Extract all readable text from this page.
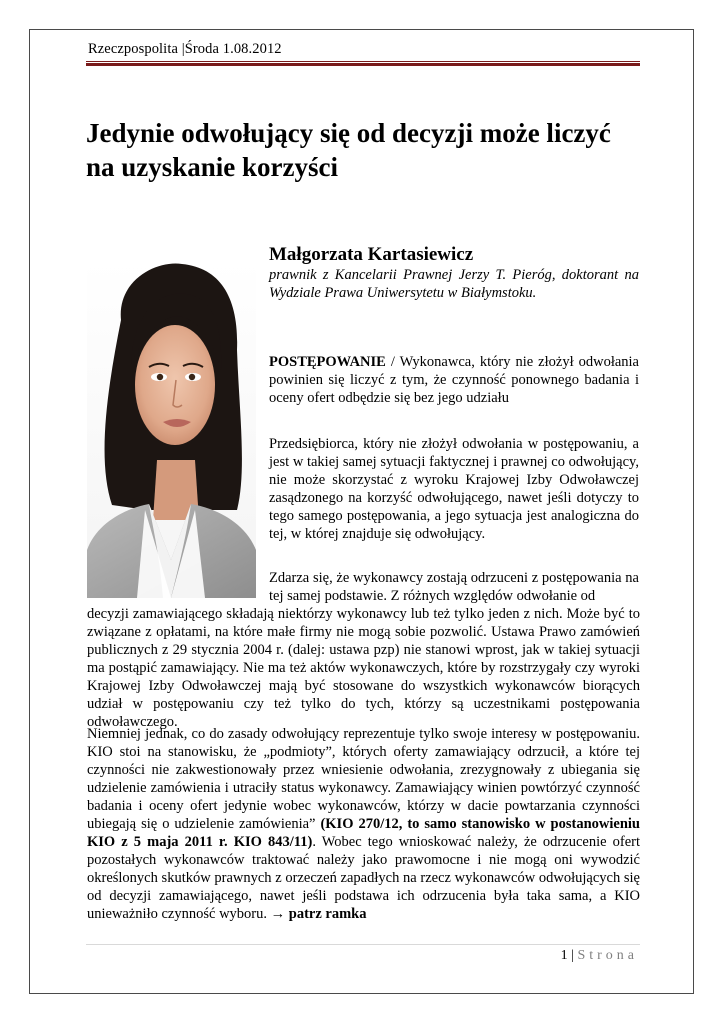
Rzeczpospolita |Środa 1.08.2012
Jedynie odwołujący się od decyzji może liczyć na uzyskanie korzyści
Małgorzata Kartasiewicz

prawnik z Kancelarii Prawnej Jerzy T. Pieróg, doktorant na Wydziale Prawa Uniwersytetu w Białymstoku.

POSTĘPOWANIE / Wykonawca, który nie złożył odwołania powinien się liczyć z tym, że czynność ponownego badania i oceny ofert odbędzie się bez jego udziału

Przedsiębiorca, który nie złożył odwołania w postępowaniu, a jest w takiej samej sytuacji faktycznej i prawnej co odwołujący, nie może skorzystać z wyroku Krajowej Izby Odwoławczej zasądzonego na korzyść odwołującego, nawet jeśli dotyczy to tego samego postępowania, a jego sytuacja jest analogiczna do tej, w której znajduje się odwołujący.

Zdarza się, że wykonawcy zostają odrzuceni z postępowania na tej samej podstawie. Z różnych względów odwołanie od

decyzji zamawiającego składają niektórzy wykonawcy lub też tylko jeden z nich. Może być to związane z opłatami, na które małe firmy nie mogą sobie pozwolić. Ustawa Prawo zamówień publicznych z 29 stycznia 2004 r. (dalej: ustawa pzp) nie stanowi wprost, jak w takiej sytuacji ma postąpić zamawiający. Nie ma też aktów wykonawczych, które by rozstrzygały czy wyroki Krajowej Izby Odwoławczej mają być stosowane do wszystkich wykonawców biorących udział w postępowaniu czy też tylko do tych, którzy są uczestnikami postępowania odwoławczego.

Niemniej jednak, co do zasady odwołujący reprezentuje tylko swoje interesy w postępowaniu. KIO stoi na stanowisku, że „podmioty”, których oferty zamawiający odrzucił, a które tej czynności nie zakwestionowały przez wniesienie odwołania, zrezygnowały z ubiegania się udzielenie zamówienia i utraciły status wykonawcy. Zamawiający winien powtórzyć czynność badania i oceny ofert jedynie wobec wykonawców, którzy w dacie powtarzania czynności ubiegają się o udzielenie zamówienia” (KIO 270/12, to samo stanowisko w postanowieniu KIO z 5 maja 2011 r. KIO 843/11). Wobec tego wnioskować należy, że odrzucenie ofert pozostałych wykonawców traktować należy jako prawomocne i nie mogą oni wywodzić określonych skutków prawnych z orzeczeń zapadłych na rzecz wykonawców odwołujących się od decyzji zamawiającego, nawet jeśli podstawa ich odrzucenia była taka sama, a KIO unieważniło czynność wyboru. → patrz ramka

1 | Strona
